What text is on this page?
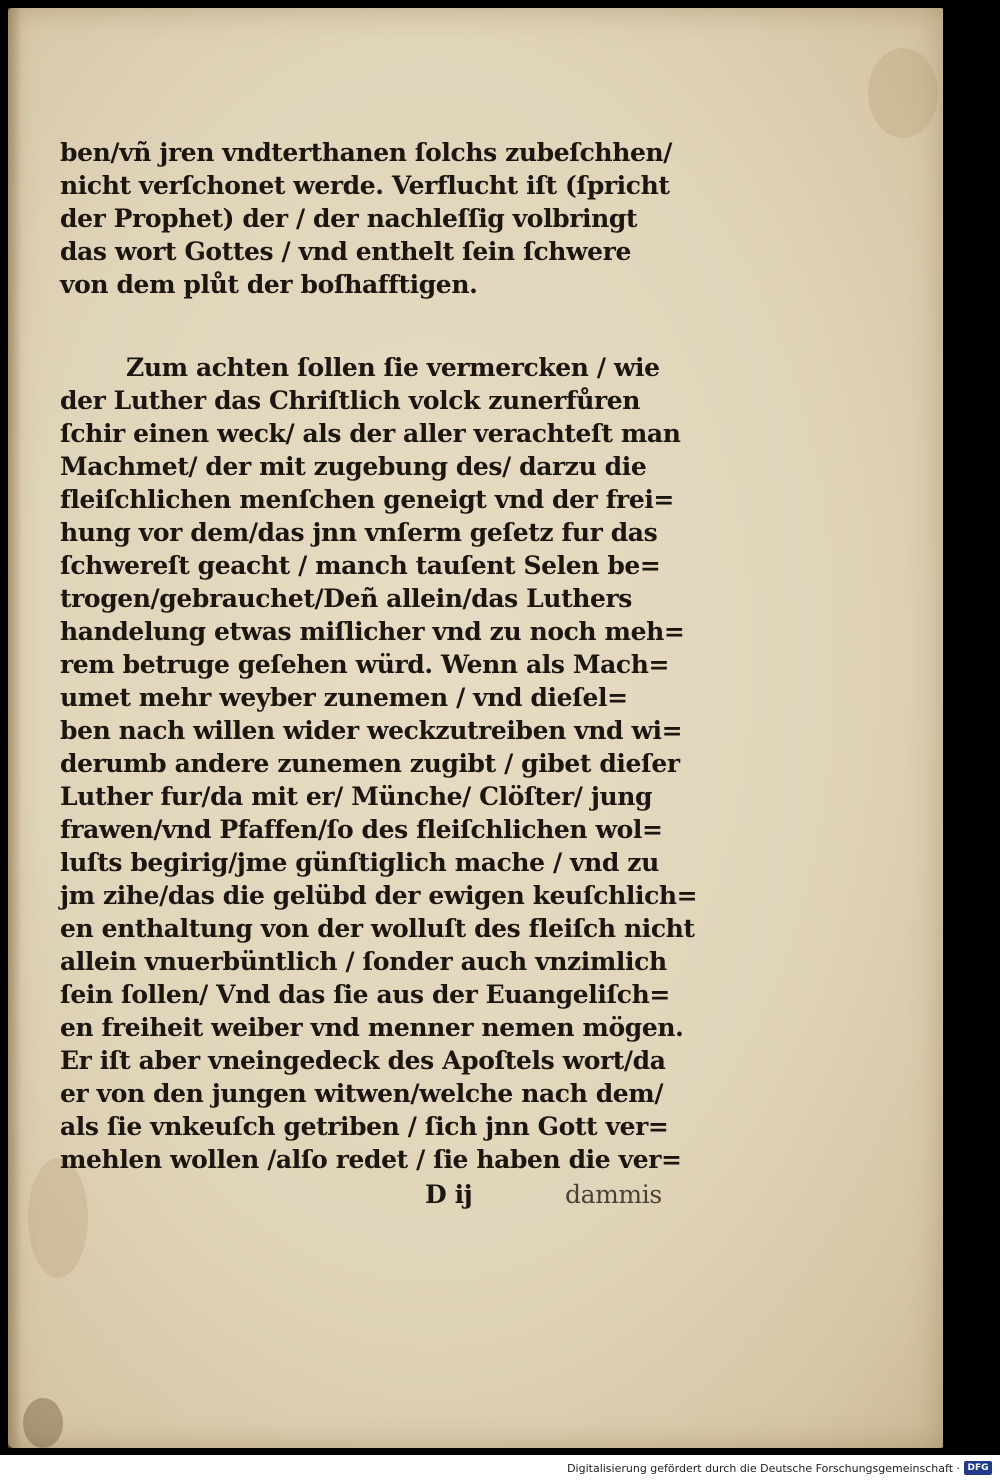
ben/vñ jren vndterthanen ſolchs zubeſchhen/
nicht verſchonet werde. Verflucht iſt (ſpricht
der Prophet) der / der nachleſſig volbringt
das wort Gottes / vnd enthelt ſein ſchwere
von dem plůt der boſhafftigen.
Zum achten ſollen ſie vermercken / wie
der Luther das Chriſtlich volck zunerfůren
ſchir einen weck/ als der aller verachteſt man
Machmet/ der mit zugebung des/ darzu die
fleiſchlichen menſchen geneigt vnd der frei=
hung vor dem/das jnn vnſerm geſetz fur das
ſchwereſt geacht / manch tauſent Selen be=
trogen/gebrauchet/Deñ allein/das Luthers
handelung etwas miſlicher vnd zu noch meh=
rem betruge geſehen würd. Wenn als Mach=
umet mehr weyber zunemen / vnd dieſel=
ben nach willen wider weckzutreiben vnd wi=
derumb andere zunemen zugibt / gibet dieſer
Luther fur/da mit er/ Münche/ Clöſter/ jung
frawen/vnd Pfaffen/ſo des fleiſchlichen wol=
luſts begirig/jme günſtiglich mache / vnd zu
jm zihe/das die gelübd der ewigen keuſchlich=
en enthaltung von der wolluſt des fleiſch nicht
allein vnuerbüntlich / ſonder auch vnzimlich
ſein ſollen/ Vnd das ſie aus der Euangeliſch=
en freiheit weiber vnd menner nemen mögen.
Er iſt aber vneingedeck des Apoſtels wort/da
er von den jungen witwen/welche nach dem/
als ſie vnkeuſch getriben / ſich jnn Gott ver=
mehlen wollen /alſo redet / ſie haben die ver=
D ij	dammis
Digitalisierung gefördert durch die Deutsche Forschungsgemeinschaft · DFG
